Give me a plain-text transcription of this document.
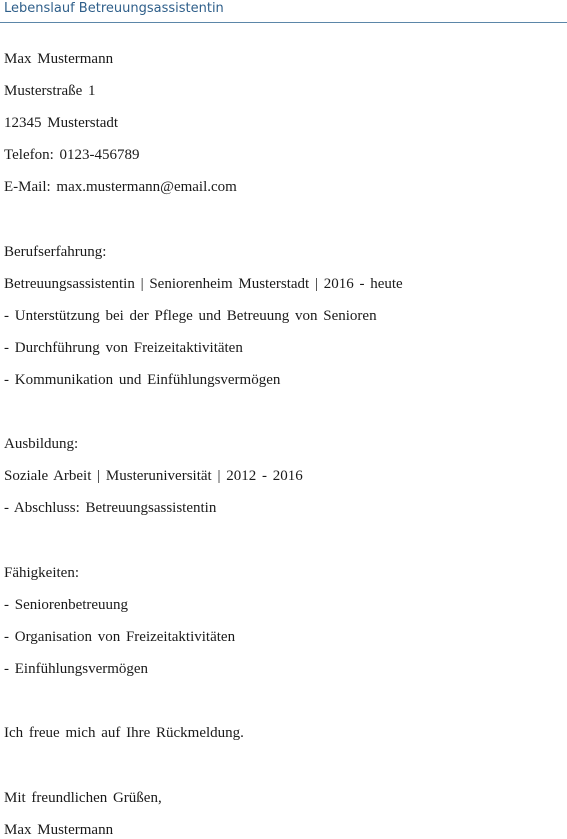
Lebenslauf Betreuungsassistentin
Max Mustermann
Musterstraße 1
12345 Musterstadt
Telefon: 0123-456789
E-Mail: max.mustermann@email.com
Berufserfahrung:
Betreuungsassistentin | Seniorenheim Musterstadt | 2016 - heute
- Unterstützung bei der Pflege und Betreuung von Senioren
- Durchführung von Freizeitaktivitäten
- Kommunikation und Einfühlungsvermögen
Ausbildung:
Soziale Arbeit | Musteruniversität | 2012 - 2016
- Abschluss: Betreuungsassistentin
Fähigkeiten:
- Seniorenbetreuung
- Organisation von Freizeitaktivitäten
- Einfühlungsvermögen
Ich freue mich auf Ihre Rückmeldung.
Mit freundlichen Grüßen,
Max Mustermann
